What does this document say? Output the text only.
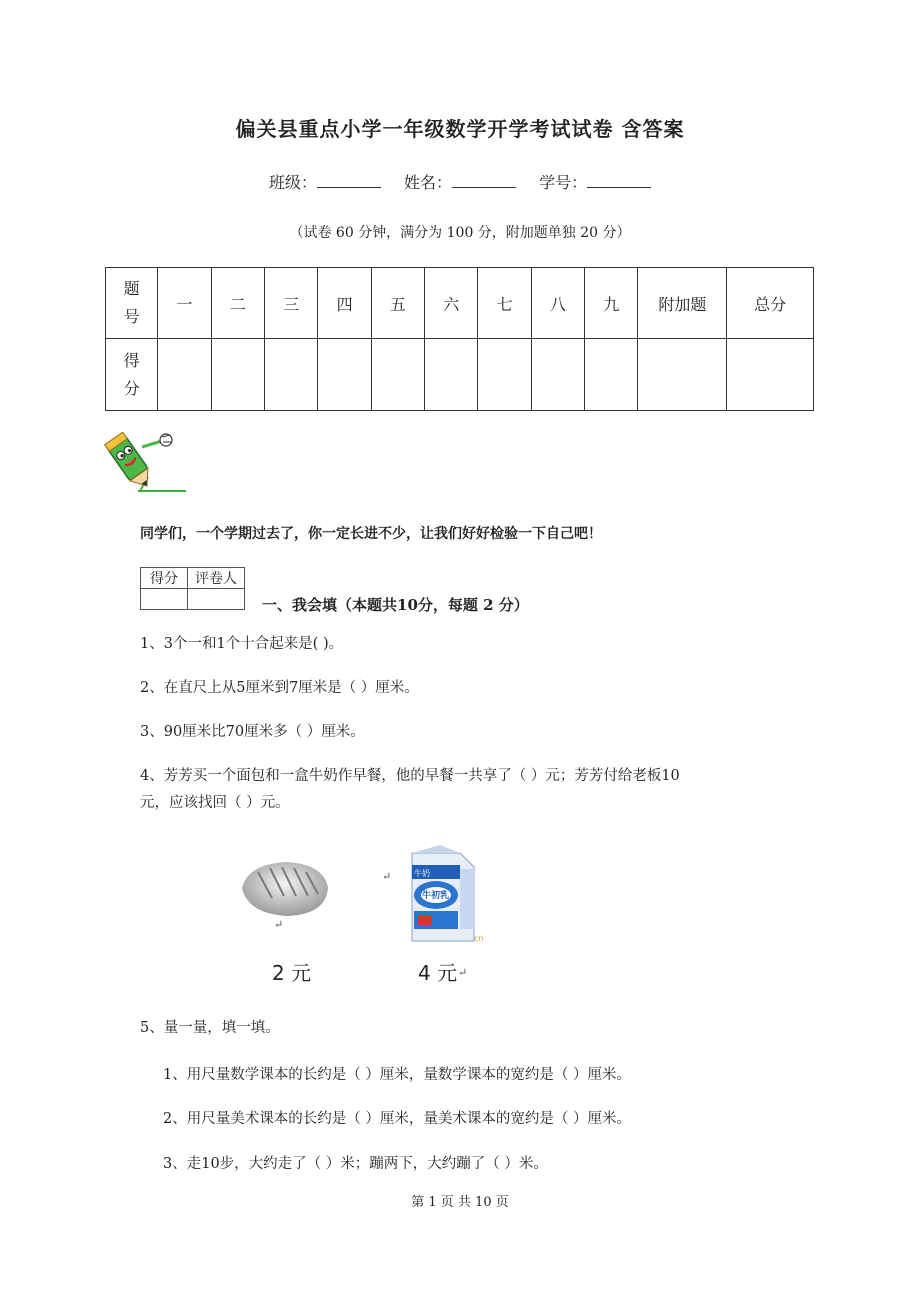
偏关县重点小学一年级数学开学考试试卷 含答案
班级：	姓名：	学号：
（试卷 60 分钟，满分为 100 分，附加题单独 20 分）
题号	一	二	三	四	五	六	七	八	九	附加题	总分
得分											
同学们，一个学期过去了，你一定长进不少，让我们好好检验一下自己吧！
得分	评卷人

一、我会填（本题共10分，每题 2 分）
1、3个一和1个十合起来是( )。
2、在直尺上从5厘米到7厘米是（ ）厘米。
3、90厘米比70厘米多（ ）厘米。
4、芳芳买一个面包和一盒牛奶作早餐，他的早餐一共享了（ ）元；芳芳付给老板10
元，应该找回（ ）元。
↵
↵	牛奶
牛初乳
cn
2 元	4 元 ↵
5、量一量，填一填。
1、用尺量数学课本的长约是（ ）厘米，量数学课本的宽约是（ ）厘米。
2、用尺量美术课本的长约是（ ）厘米，量美术课本的宽约是（ ）厘米。
3、走10步，大约走了（ ）米；蹦两下，大约蹦了（ ）米。
第 1 页 共 10 页
